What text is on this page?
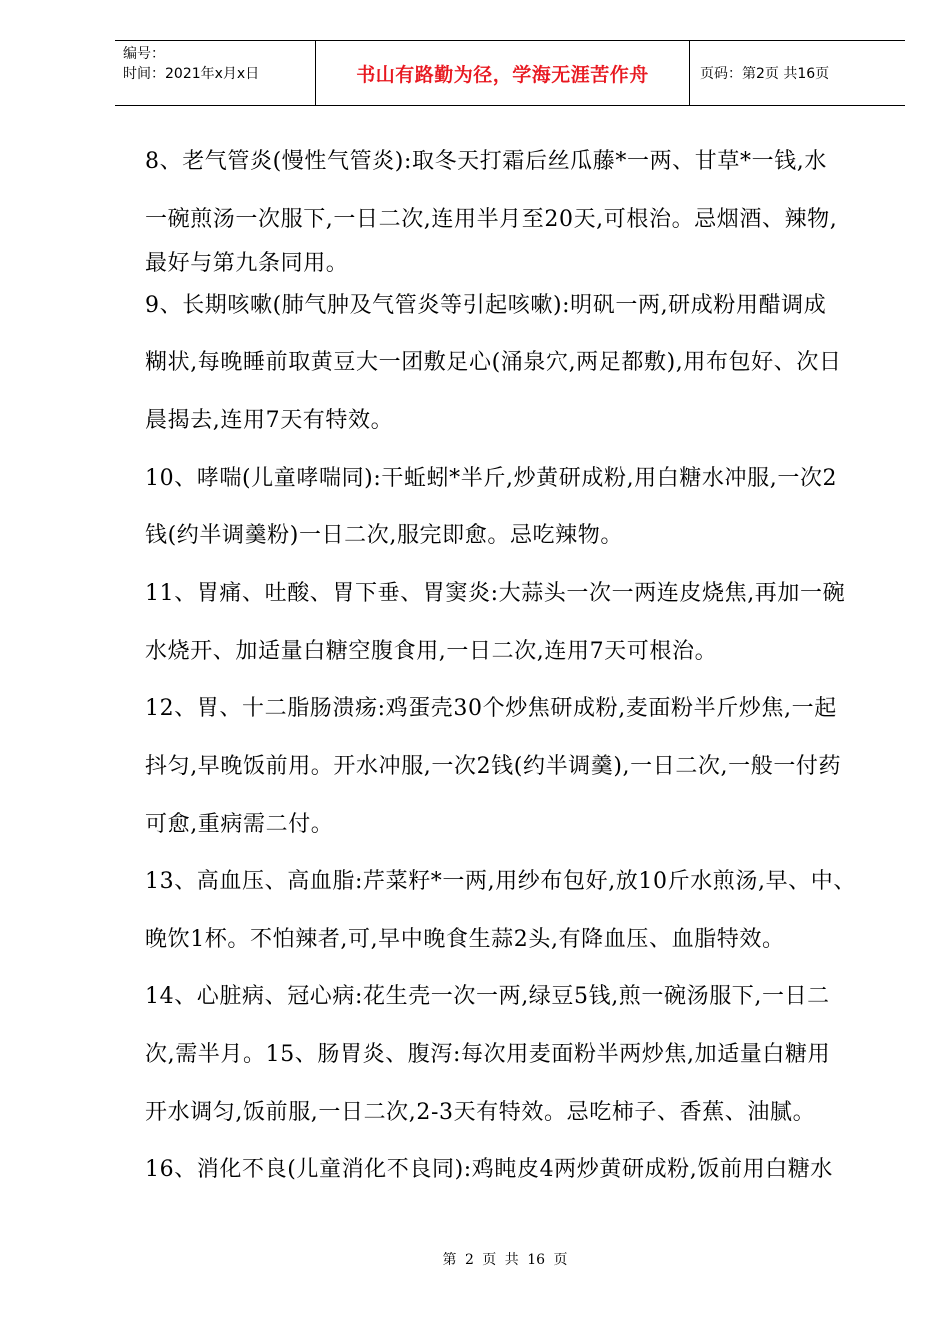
编号：
时间：2021年x月x日	书山有路勤为径，学海无涯苦作舟	页码：第2页 共16页
8、老气管炎(慢性气管炎):取冬天打霜后丝瓜藤*一两、甘草*一钱,水
一碗煎汤一次服下,一日二次,连用半月至20天,可根治。忌烟酒、辣物,
最好与第九条同用。
9、长期咳嗽(肺气肿及气管炎等引起咳嗽):明矾一两,研成粉用醋调成
糊状,每晚睡前取黄豆大一团敷足心(涌泉穴,两足都敷),用布包好、次日
晨揭去,连用7天有特效。
10、哮喘(儿童哮喘同):干蚯蚓*半斤,炒黄研成粉,用白糖水冲服,一次2
钱(约半调羹粉)一日二次,服完即愈。忌吃辣物。
11、胃痛、吐酸、胃下垂、胃窦炎:大蒜头一次一两连皮烧焦,再加一碗
水烧开、加适量白糖空腹食用,一日二次,连用7天可根治。
12、胃、十二脂肠溃疡:鸡蛋壳30个炒焦研成粉,麦面粉半斤炒焦,一起
抖匀,早晚饭前用。开水冲服,一次2钱(约半调羹),一日二次,一般一付药
可愈,重病需二付。
13、高血压、高血脂:芹菜籽*一两,用纱布包好,放10斤水煎汤,早、中、
晚饮1杯。不怕辣者,可,早中晚食生蒜2头,有降血压、血脂特效。
14、心脏病、冠心病:花生壳一次一两,绿豆5钱,煎一碗汤服下,一日二
次,需半月。15、肠胃炎、腹泻:每次用麦面粉半两炒焦,加适量白糖用
开水调匀,饭前服,一日二次,2-3天有特效。忌吃柿子、香蕉、油腻。
16、消化不良(儿童消化不良同):鸡盹皮4两炒黄研成粉,饭前用白糖水
第 2 页 共 16 页
